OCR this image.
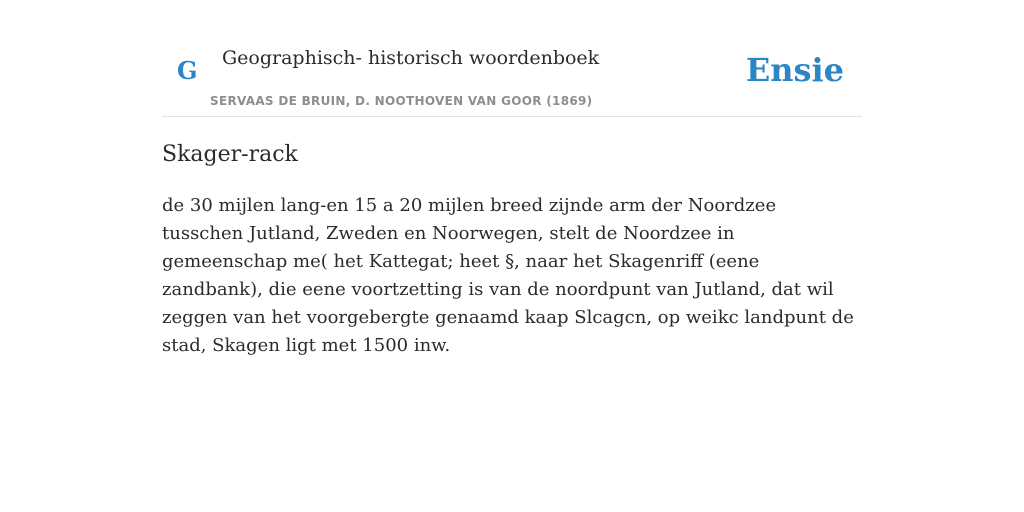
G Geographisch- historisch woordenboek
SERVAAS DE BRUIN, D. NOOTHOVEN VAN GOOR (1869)
Ensie
Skager-rack

de 30 mijlen lang-en 15 a 20 mijlen breed zijnde arm der Noordzee tusschen Jutland, Zweden en Noorwegen, stelt de Noordzee in gemeenschap me( het Kattegat; heet §, naar het Skagenriff (eene zandbank), die eene voortzetting is van de noordpunt van Jutland, dat wil zeggen van het voorgebergte genaamd kaap Slcagcn, op weikc landpunt de stad, Skagen ligt met 1500 inw.
